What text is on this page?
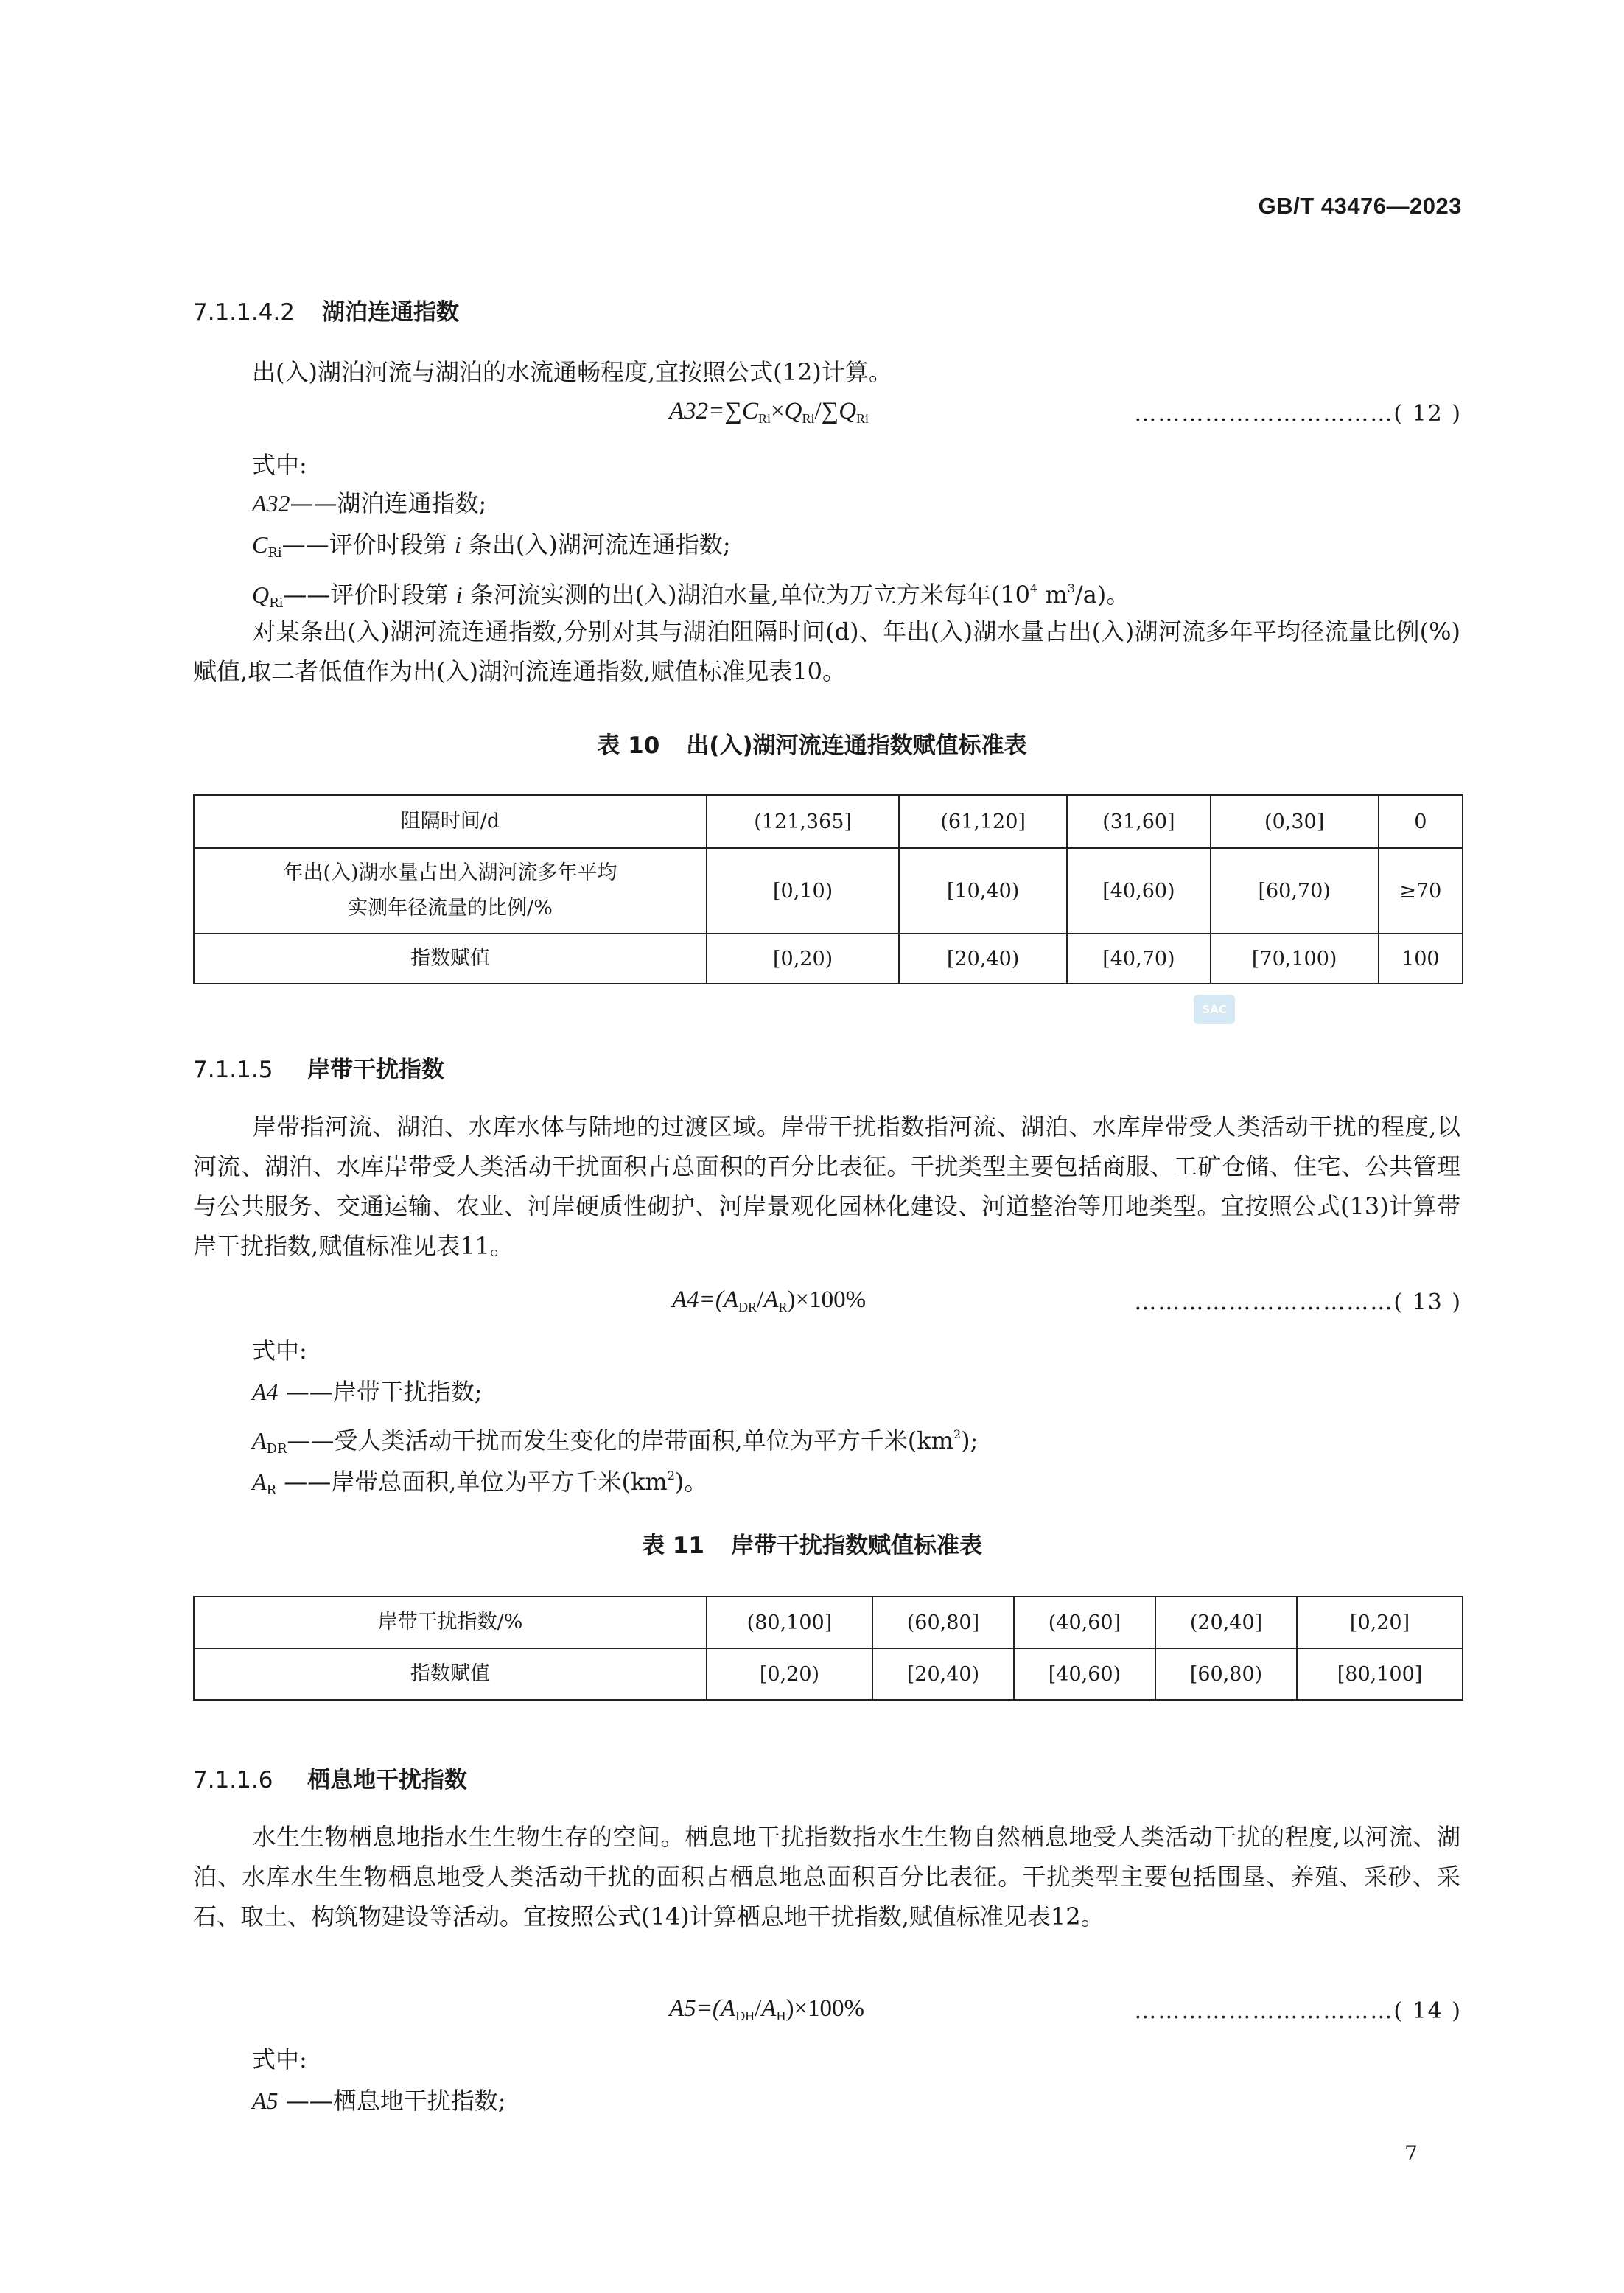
GB/T 43476—2023
7.1.1.4.2 湖泊连通指数
出(入)湖泊河流与湖泊的水流通畅程度,宜按照公式(12)计算。
$A32=\sum C_{Ri}\times Q_{Ri}/\sum Q_{Ri}$	……………………………( 12 )
式中:
A32——湖泊连通指数;
$C_{Ri}——$评价时段第 i 条出(入)湖河流连通指数;
$Q_{Ri}——$评价时段第 i 条河流实测的出(入)湖泊水量,单位为万立方米每年($10^4$ $m^3/a$)。
对某条出(入)湖河流连通指数,分别对其与湖泊阻隔时间(d)、年出(入)湖水量占出(入)湖河流多年平均径流量比例(%)赋值,取二者低值作为出(入)湖河流连通指数,赋值标准见表10。
表 10 出(入)湖河流连通指数赋值标准表
阻隔时间/d	(121,365]	(61,120]	(31,60]	(0,30]	0
年出(入)湖水量占出入湖河流多年平均
实测年径流量的比例/%	[0,10)	[10,40)	[40,60)	[60,70)	≥70
指数赋值	[0,20)	[20,40)	[40,70)	[70,100)	100
SAC
7.1.1.5 岸带干扰指数
岸带指河流、湖泊、水库水体与陆地的过渡区域。岸带干扰指数指河流、湖泊、水库岸带受人类活动干扰的程度,以河流、湖泊、水库岸带受人类活动干扰面积占总面积的百分比表征。干扰类型主要包括商服、工矿仓储、住宅、公共管理与公共服务、交通运输、农业、河岸硬质性砌护、河岸景观化园林化建设、河道整治等用地类型。宜按照公式(13)计算带岸干扰指数,赋值标准见表11。
$A4=(A_{DR}/A_R)\times 100\%$	……………………………( 13 )
式中:
A4 ——岸带干扰指数;
$A_{DR}——$受人类活动干扰而发生变化的岸带面积,单位为平方千米$(km^2)$;
$A_R$ ——岸带总面积,单位为平方千米$(km^2)$。
表 11 岸带干扰指数赋值标准表
岸带干扰指数/%	(80,100]	(60,80]	(40,60]	(20,40]	[0,20]
指数赋值	[0,20)	[20,40)	[40,60)	[60,80)	[80,100]
7.1.1.6 栖息地干扰指数
水生生物栖息地指水生生物生存的空间。栖息地干扰指数指水生生物自然栖息地受人类活动干扰的程度,以河流、湖泊、水库水生生物栖息地受人类活动干扰的面积占栖息地总面积百分比表征。干扰类型主要包括围垦、养殖、采砂、采石、取土、构筑物建设等活动。宜按照公式(14)计算栖息地干扰指数,赋值标准见表12。
$A5=(A_{DH}/A_H)\times 100\%$	……………………………( 14 )
式中:
A5 ——栖息地干扰指数;
7
